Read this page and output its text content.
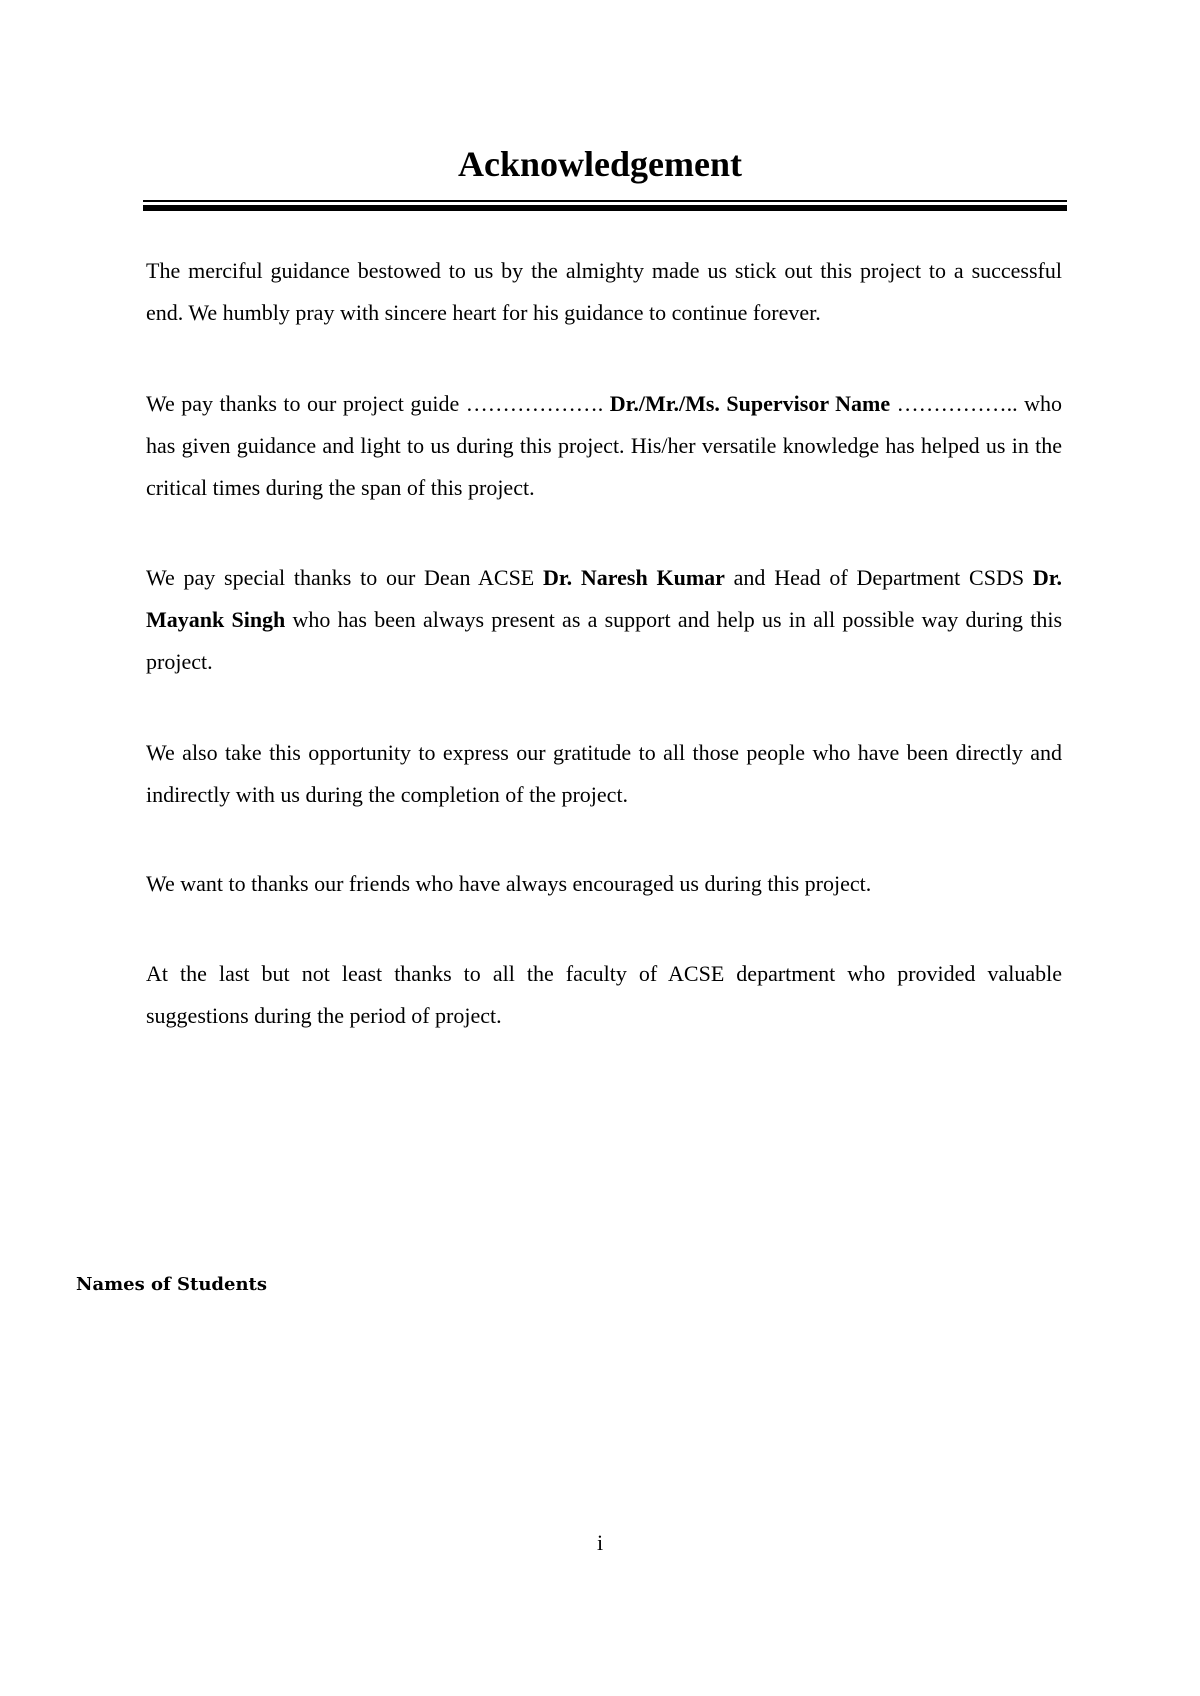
Acknowledgement

The merciful guidance bestowed to us by the almighty made us stick out this project to a successful end. We humbly pray with sincere heart for his guidance to continue forever.

We pay thanks to our project guide ………………. Dr./Mr./Ms. Supervisor Name …………….. who has given guidance and light to us during this project. His/her versatile knowledge has helped us in the critical times during the span of this project.

We pay special thanks to our Dean ACSE Dr. Naresh Kumar and Head of Department CSDS Dr. Mayank Singh who has been always present as a support and help us in all possible way during this project.

We also take this opportunity to express our gratitude to all those people who have been directly and indirectly with us during the completion of the project.

We want to thanks our friends who have always encouraged us during this project.

At the last but not least thanks to all the faculty of ACSE department who provided valuable suggestions during the period of project.

Names of Students
i
